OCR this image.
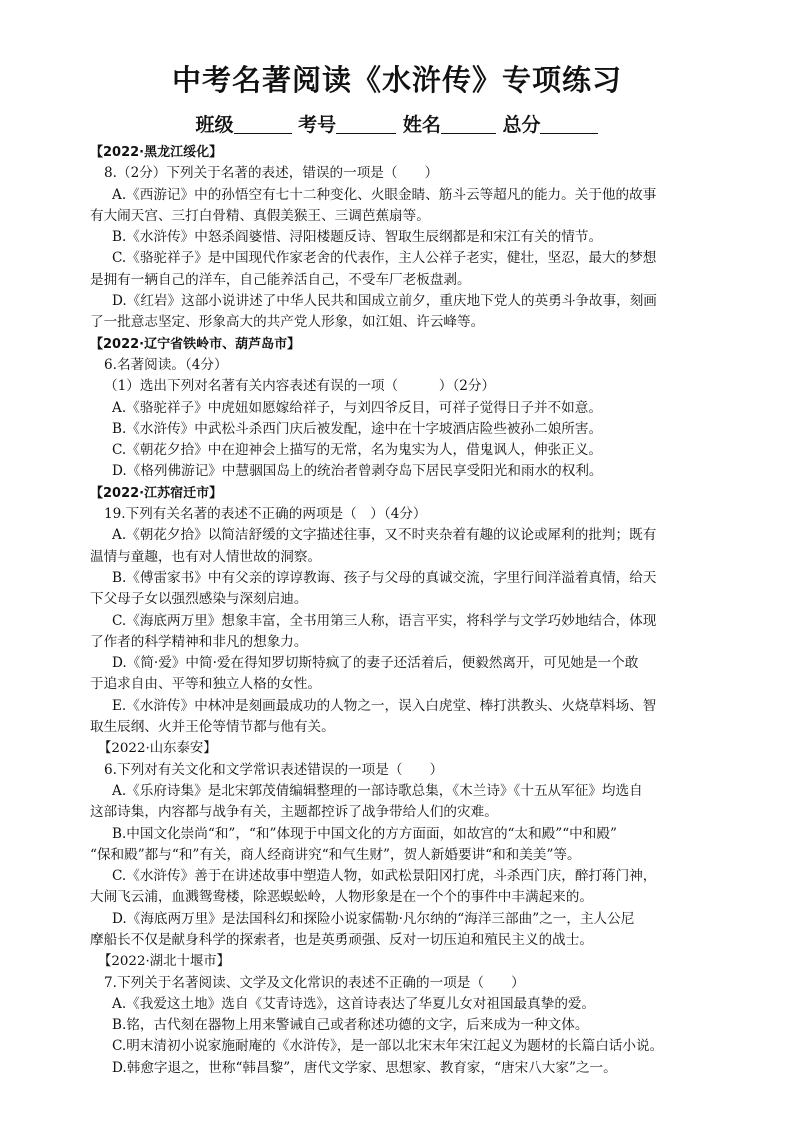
中考名著阅读《水浒传》专项练习
班级	考号	姓名	总分
【2022·黑龙江绥化】
8.（2分）下列关于名著的表述，错误的一项是（　　）
A.《西游记》中的孙悟空有七十二种变化、火眼金睛、筋斗云等超凡的能力。关于他的故事
有大闹天宫、三打白骨精、真假美猴王、三调芭蕉扇等。
B.《水浒传》中怒杀阎婆惜、浔阳楼题反诗、智取生辰纲都是和宋江有关的情节。
C.《骆驼祥子》是中国现代作家老舍的代表作，主人公祥子老实，健壮，坚忍，最大的梦想
是拥有一辆自己的洋车，自己能养活自己，不受车厂老板盘剥。
D.《红岩》这部小说讲述了中华人民共和国成立前夕，重庆地下党人的英勇斗争故事，刻画
了一批意志坚定、形象高大的共产党人形象，如江姐、许云峰等。
【2022·辽宁省铁岭市、葫芦岛市】
6.名著阅读。（4分）
（1）选出下列对名著有关内容表述有误的一项（　　　）（2分）
A.《骆驼祥子》中虎妞如愿嫁给祥子，与刘四爷反目，可祥子觉得日子并不如意。
B.《水浒传》中武松斗杀西门庆后被发配，途中在十字坡酒店险些被孙二娘所害。
C.《朝花夕拾》中在迎神会上描写的无常，名为鬼实为人，借鬼讽人，伸张正义。
D.《格列佛游记》中慧骃国岛上的统治者曾剥夺岛下居民享受阳光和雨水的权利。
【2022·江苏宿迁市】
19.下列有关名著的表述不正确的两项是（　）（4分）
A.《朝花夕拾》以简洁舒缓的文字描述往事，又不时夹杂着有趣的议论或犀利的批判；既有
温情与童趣，也有对人情世故的洞察。
B.《傅雷家书》中有父亲的谆谆教诲、孩子与父母的真诚交流，字里行间洋溢着真情，给天
下父母子女以强烈感染与深刻启迪。
C.《海底两万里》想象丰富，全书用第三人称，语言平实，将科学与文学巧妙地结合，体现
了作者的科学精神和非凡的想象力。
D.《简·爱》中简·爱在得知罗切斯特疯了的妻子还活着后，便毅然离开，可见她是一个敢
于追求自由、平等和独立人格的女性。
E.《水浒传》中林冲是刻画最成功的人物之一，误入白虎堂、棒打洪教头、火烧草料场、智
取生辰纲、火并王伦等情节都与他有关。
【2022·山东泰安】
6.下列对有关文化和文学常识表述错误的一项是（　　）
A.《乐府诗集》是北宋郭茂倩编辑整理的一部诗歌总集，《木兰诗》《十五从军征》均选自
这部诗集，内容都与战争有关，主题都控诉了战争带给人们的灾难。
B.中国文化崇尚“和”，“和”体现于中国文化的方方面面，如故宫的“太和殿”“中和殿”
“保和殿”都与“和”有关，商人经商讲究“和气生财”，贺人新婚要讲“和和美美”等。
C.《水浒传》善于在讲述故事中塑造人物，如武松景阳冈打虎，斗杀西门庆，醉打蒋门神，
大闹飞云浦，血溅鸳鸯楼，除恶蜈蚣岭，人物形象是在一个个的事件中丰满起来的。
D.《海底两万里》是法国科幻和探险小说家儒勒·凡尔纳的“海洋三部曲”之一，主人公尼
摩船长不仅是献身科学的探索者，也是英勇顽强、反对一切压迫和殖民主义的战士。
【2022·湖北十堰市】
7.下列关于名著阅读、文学及文化常识的表述不正确的一项是（　　）
A.《我爱这土地》选自《艾青诗选》，这首诗表达了华夏儿女对祖国最真挚的爱。
B.铭，古代刻在器物上用来警诫自己或者称述功德的文字，后来成为一种文体。
C.明末清初小说家施耐庵的《水浒传》，是一部以北宋末年宋江起义为题材的长篇白话小说。
D.韩愈字退之，世称“韩昌黎”，唐代文学家、思想家、教育家，“唐宋八大家”之一。
